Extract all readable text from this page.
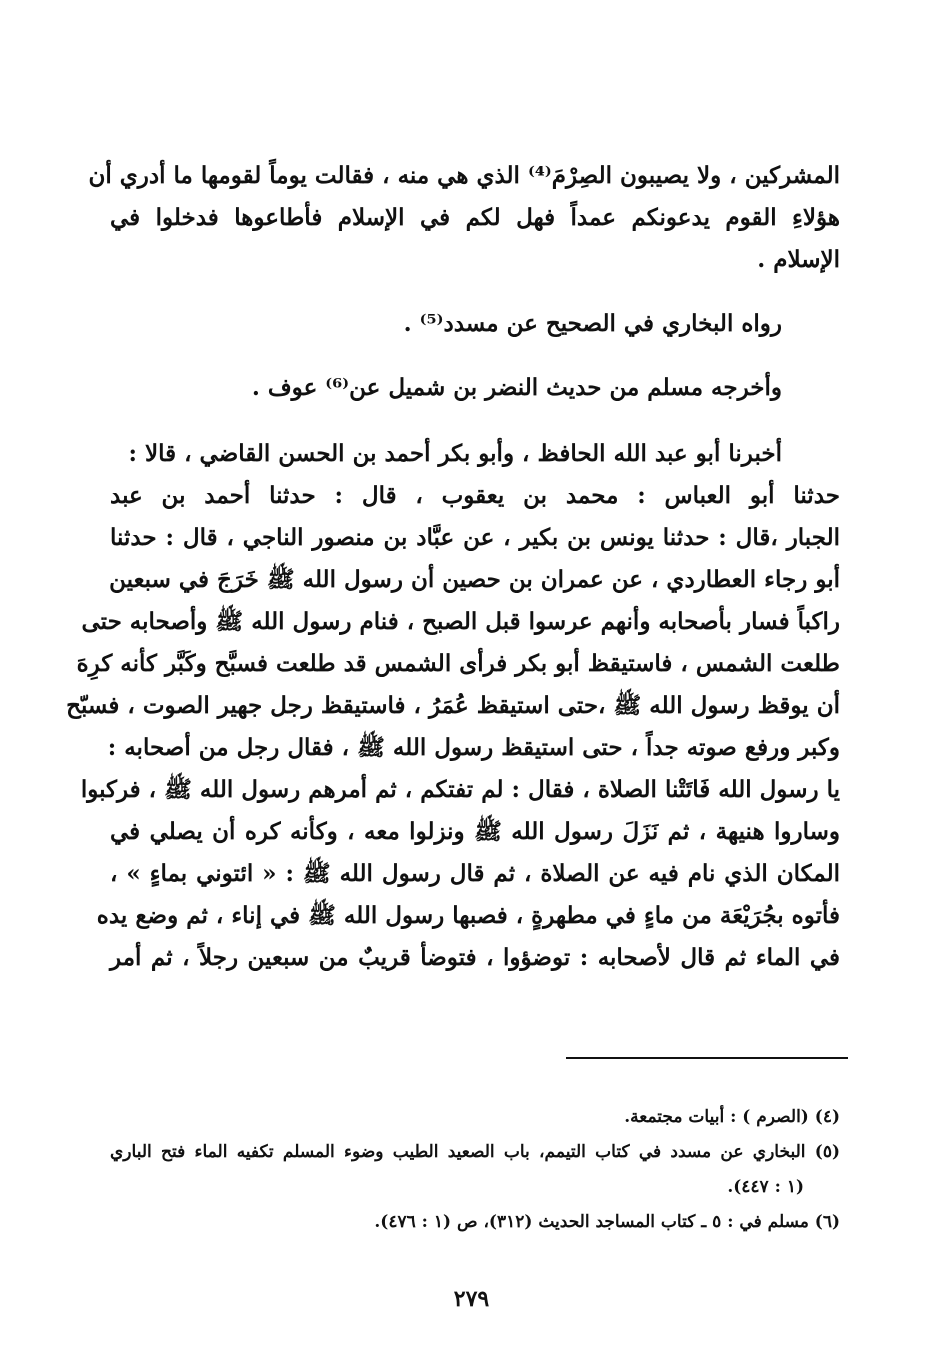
المشركين ، ولا يصيبون الصِرْمَ⁽⁴⁾ الذي هي منه ، فقالت يوماً لقومها ما أدري أن
هؤلاءِ القوم يدعونكم عمداً فهل لكم في الإسلام فأطاعوها فدخلوا في
الإسلام .
رواه البخاري في الصحيح عن مسدد⁽⁵⁾ .
وأخرجه مسلم من حديث النضر بن شميل عن⁽⁶⁾ عوف .
أخبرنا أبو عبد الله الحافظ ، وأبو بكر أحمد بن الحسن القاضي ، قالا :
حدثنا أبو العباس : محمد بن يعقوب ، قال : حدثنا أحمد بن عبد
الجبار ،قال : حدثنا يونس بن بكير ، عن عبَّاد بن منصور الناجي ، قال : حدثنا
أبو رجاء العطاردي ، عن عمران بن حصين أن رسول الله ﷺ خَرَجَ في سبعين
راكباً فسار بأصحابه وأنهم عرسوا قبل الصبح ، فنام رسول الله ﷺ وأصحابه حتى
طلعت الشمس ، فاستيقظ أبو بكر فرأى الشمس قد طلعت فسبَّح وكَبَّر كأنه كرِهَ
أن يوقظ رسول الله ﷺ ،حتى استيقظ عُمَرُ ، فاستيقظ رجل جهير الصوت ، فسبّح
وكبر ورفع صوته جداً ، حتى استيقظ رسول الله ﷺ ، فقال رجل من أصحابه :
يا رسول الله فَاتَتْنا الصلاة ، فقال : لم تفتكم ، ثم أمرهم رسول الله ﷺ ، فركبوا
وساروا هنيهة ، ثم نَزَلَ رسول الله ﷺ ونزلوا معه ، وكأنه كره أن يصلي في
المكان الذي نام فيه عن الصلاة ، ثم قال رسول الله ﷺ : « ائتوني بماءٍ » ،
فأتوه بجُرَيْعَة من ماءٍ في مطهرةٍ ، فصبها رسول الله ﷺ في إناء ، ثم وضع يده
في الماء ثم قال لأصحابه : توضؤوا ، فتوضأ قريبٌ من سبعين رجلاً ، ثم أمر
(٤) (الصرم ) : أبيات مجتمعة.
(٥) البخاري عن مسدد في كتاب التيمم، باب الصعيد الطيب وضوء المسلم تكفيه الماء فتح الباري
(١ : ٤٤٧).
(٦) مسلم في : ٥ ـ كتاب المساجد الحديث (٣١٢)، ص (١ : ٤٧٦).
٢٧٩
